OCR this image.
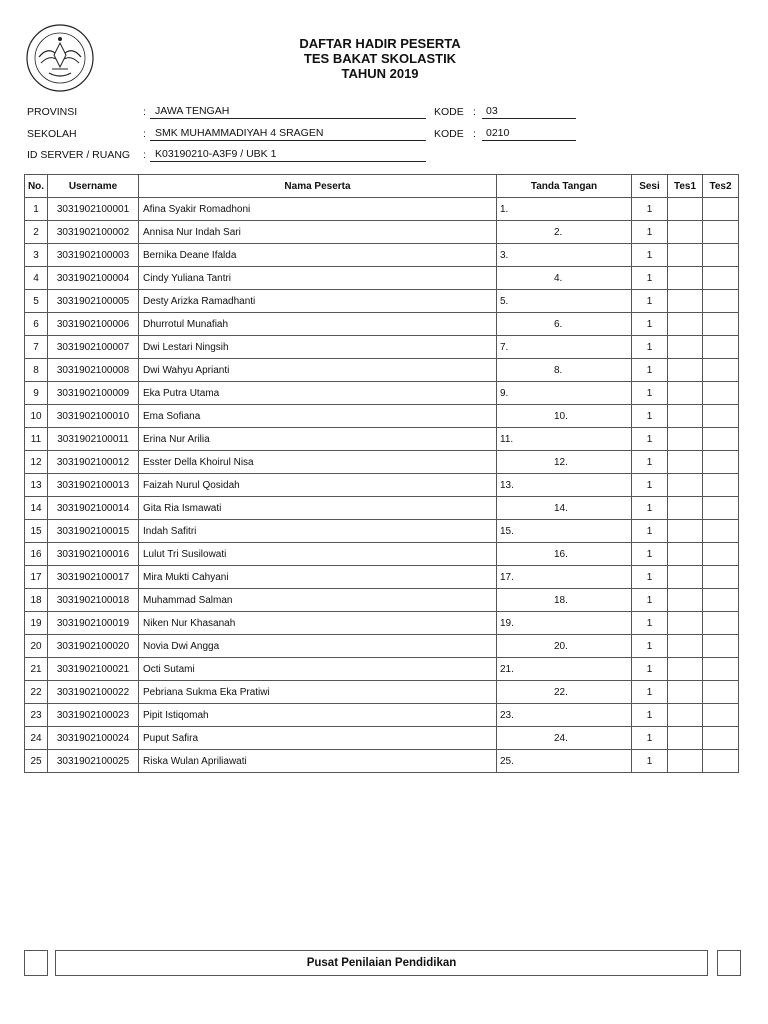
DAFTAR HADIR PESERTA
TES BAKAT SKOLASTIK
TAHUN 2019
PROVINSI	: JAWA TENGAH
SEKOLAH	: SMK MUHAMMADIYAH 4 SRAGEN
ID SERVER / RUANG : K03190210-A3F9 / UBK 1
KODE : 03
KODE : 0210
No.	Username	Nama Peserta	Tanda Tangan	Sesi	Tes1	Tes2
1	3031902100001	Afina Syakir Romadhoni	1.	1		
2	3031902100002	Annisa Nur Indah Sari	2.	1		
3	3031902100003	Bernika Deane Ifalda	3.	1		
4	3031902100004	Cindy Yuliana Tantri	4.	1		
5	3031902100005	Desty Arizka Ramadhanti	5.	1		
6	3031902100006	Dhurrotul Munafiah	6.	1		
7	3031902100007	Dwi Lestari Ningsih	7.	1		
8	3031902100008	Dwi Wahyu Aprianti	8.	1		
9	3031902100009	Eka Putra Utama	9.	1		
10	3031902100010	Ema Sofiana	10.	1		
11	3031902100011	Erina Nur Arilia	11.	1		
12	3031902100012	Esster Della Khoirul Nisa	12.	1		
13	3031902100013	Faizah Nurul Qosidah	13.	1		
14	3031902100014	Gita Ria Ismawati	14.	1		
15	3031902100015	Indah Safitri	15.	1		
16	3031902100016	Lulut Tri Susilowati	16.	1		
17	3031902100017	Mira Mukti Cahyani	17.	1		
18	3031902100018	Muhammad Salman	18.	1		
19	3031902100019	Niken Nur Khasanah	19.	1		
20	3031902100020	Novia Dwi Angga	20.	1		
21	3031902100021	Octi Sutami	21.	1		
22	3031902100022	Pebriana Sukma Eka Pratiwi	22.	1		
23	3031902100023	Pipit Istiqomah	23.	1		
24	3031902100024	Puput Safira	24.	1		
25	3031902100025	Riska Wulan Apriliawati	25.	1		
Pusat Penilaian Pendidikan
